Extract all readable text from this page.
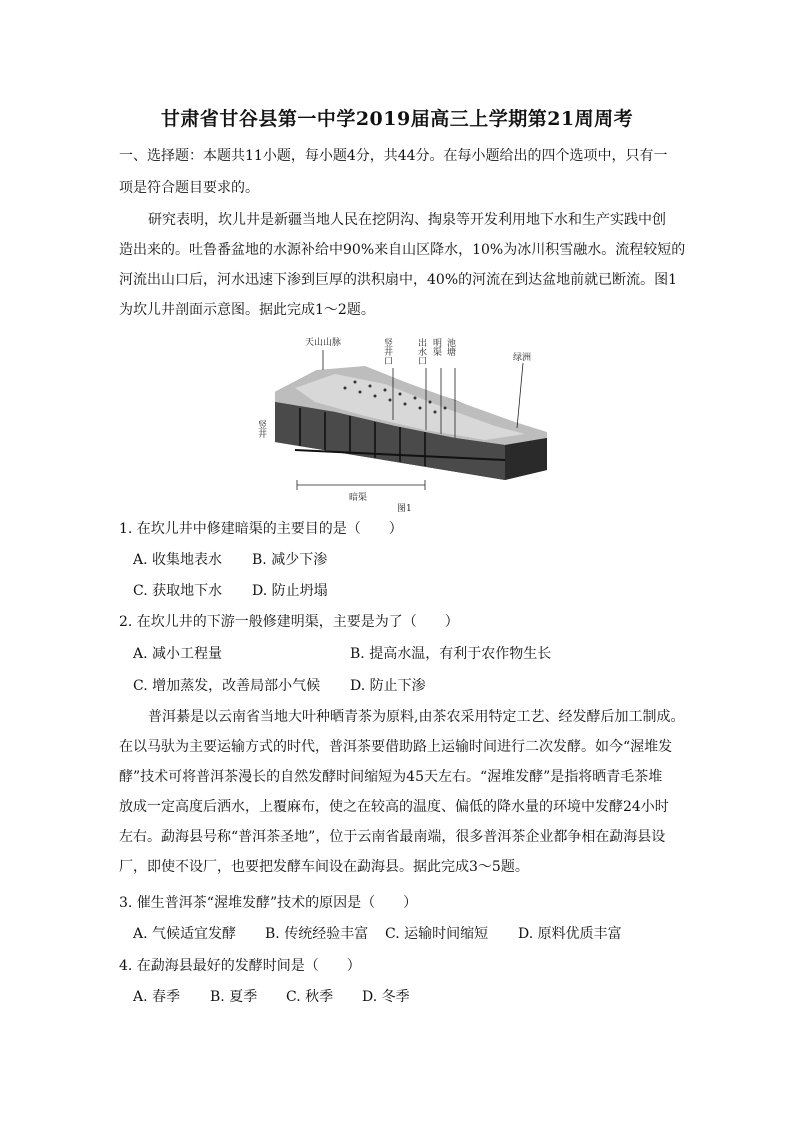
甘肃省甘谷县第一中学2019届高三上学期第21周周考
一、选择题：本题共11小题，每小题4分，共44分。在每小题给出的四个选项中，只有一
项是符合题目要求的。
研究表明，坎儿井是新疆当地人民在挖阴沟、掏泉等开发利用地下水和生产实践中创
造出来的。吐鲁番盆地的水源补给中90%来自山区降水，10%为冰川积雪融水。流程较短的
河流出山口后，河水迅速下渗到巨厚的洪积扇中，40%的河流在到达盆地前就已断流。图1
为坎儿井剖面示意图。据此完成1～2题。
天山山脉	竖井口	出水口 明渠 池塘
绿洲
竖井
暗渠
图1
1. 在坎儿井中修建暗渠的主要目的是（　　）
A. 收集地表水 B. 减少下渗
C. 获取地下水 D. 防止坍塌
2. 在坎儿井的下游一般修建明渠，主要是为了（　　）
A. 减小工程量	B. 提高水温，有利于农作物生长
C. 增加蒸发，改善局部小气候 D. 防止下渗
普洱綦是以云南省当地大叶种晒青茶为原料,由茶农采用特定工艺、经发酵后加工制成。
在以马驮为主要运输方式的时代，普洱茶要借助路上运输时间进行二次发酵。如今“渥堆发
酵”技术可将普洱茶漫长的自然发酵时间缩短为45天左右。“渥堆发酵”是指将晒青毛茶堆
放成一定高度后洒水，上覆麻布，使之在较高的温度、偏低的降水量的环境中发酵24小时
左右。勐海县号称“普洱茶圣地”，位于云南省最南端，很多普洱茶企业都争相在勐海县设
厂，即使不设厂，也要把发酵车间设在勐海县。据此完成3～5题。
3. 催生普洱茶“渥堆发酵”技术的原因是（　　）
A. 气候适宜发酵 B. 传统经验丰富 C. 运输时间缩短 D. 原料优质丰富
4. 在勐海县最好的发酵时间是（　　）
A. 春季 B. 夏季 C. 秋季 D. 冬季
